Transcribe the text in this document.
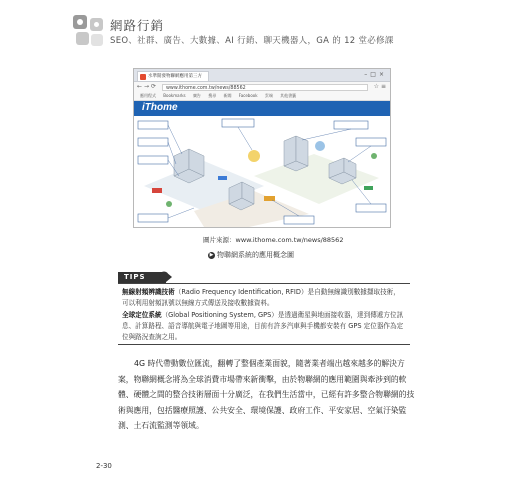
網路行銷
SEO、社群、廣告、大數據、AI 行銷、聊天機器人，GA 的 12 堂必修課
水準開發物聯網應用第三方	–□×
←→⟳	www.ithome.com.tw/news/88562	☆ ≡
應用程式 Bookmarks 廣告 搜尋 新聞 Facebook 雲端 其他書籤
iThome
圖片來源：www.ithome.com.tw/news/88562
▶ 物聯網系統的應用概念圖
TIPS
無線射頻辨識技術（Radio Frequency Identification, RFID）是自動無線識別數據擷取技術，可以利用射頻訊號以無線方式傳送及接收數據資料。
全球定位系統（Global Positioning System, GPS）是透過衛星與地面接收器，達到傳遞方位訊息、計算路程、語音導航與電子地圖等用途，目前有許多汽車與手機都安裝有 GPS 定位器作為定位與路況查詢之用。
4G 時代帶動數位匯流，翻轉了整個產業面貌，隨著業者端出越來越多的解決方案，物聯網概念將為全球消費市場帶來新衝擊，由於物聯網的應用範圍與牽涉到的軟體、硬體之間的整合技術層面十分廣泛，在我們生活當中，已經有許多整合物聯網的技術與應用，包括醫療照護、公共安全、環境保護、政府工作、平安家居、空氣汙染監測、土石流監測等領域。
2-30
